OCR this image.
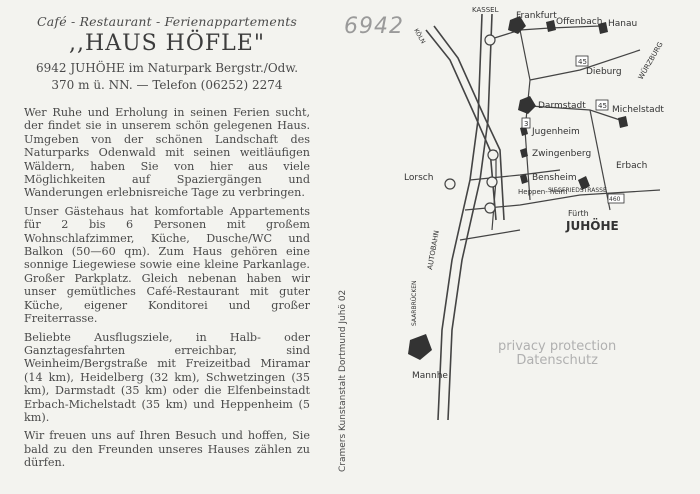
Café - Restaurant - Ferienappartements

,,HAUS HÖFLE"

6942 JUHÖHE im Naturpark Bergstr./Odw.

370 m ü. NN. — Telefon (06252) 2274

Wer Ruhe und Erholung in seinen Ferien sucht, der findet sie in unserem schön gelegenen Haus. Umgeben von der schönen Landschaft des Naturparks Odenwald mit seinen weitläufigen Wäldern, haben Sie von hier aus viele Möglichkeiten auf Spaziergängen und Wanderungen erlebnisreiche Tage zu verbringen.

Unser Gästehaus hat komfortable Appartements für 2 bis 6 Personen mit großem Wohnschlafzimmer, Küche, Dusche/WC und Balkon (50—60 qm). Zum Haus gehören eine sonnige Liegewiese sowie eine kleine Parkanlage. Großer Parkplatz. Gleich nebenan haben wir unser gemütliches Café-Restaurant mit guter Küche, eigener Konditorei und großer Freiterrasse.

Beliebte Ausflugsziele, in Halb- oder Ganztagesfahrten erreichbar, sind Weinheim/Bergstraße mit Freizeitbad Miramar (14 km), Heidelberg (32 km), Schwetzingen (35 km), Darmstadt (35 km) oder die Elfenbeinstadt Erbach-Michelstadt (35 km) und Heppenheim (5 km).

Wir freuen uns auf Ihren Besuch und hoffen, Sie bald zu den Freunden unseres Hauses zählen zu dürfen.	Cramers Kunstanstalt Dortmund Juhö 02
6942
KASSEL
KÖLN
Frankfurt
Offenbach Hanau
WÜRZBURG
Dieburg
Darmstadt	Michelstadt
Jugenheim
Zwingenberg
Bensheim
Erbach
Lorsch
Heppen- heim
SIEGFRIEDSTRASSE
Fürth
JUHÖHE
SAARBRÜCKEN
Mannhe
AUTOBAHN
45
45
3
460
privacy protection
Datenschutz
